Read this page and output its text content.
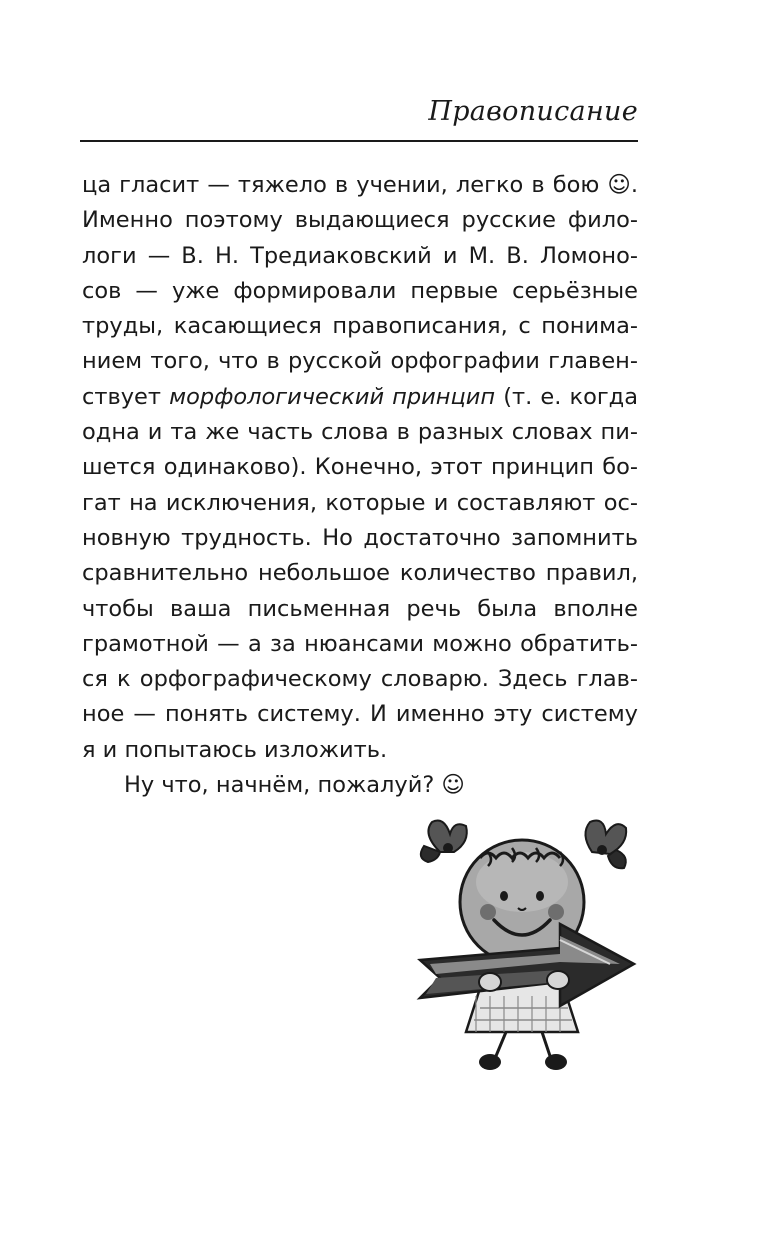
Правописание
ца гласит — тяжело в учении, легко в бою ☺.
Именно поэтому выдающиеся русские фило-
логи — В. Н. Тредиаковский и М. В. Ломоно-
сов — уже формировали первые серьёзные
труды, касающиеся правописания, с понима-
нием того, что в русской орфографии главен-
ствует морфологический принцип (т. е. когда
одна и та же часть слова в разных словах пи-
шется одинаково). Конечно, этот принцип бо-
гат на исключения, которые и составляют ос-
новную трудность. Но достаточно запомнить
сравнительно небольшое количество правил,
чтобы ваша письменная речь была вполне
грамотной — а за нюансами можно обратить-
ся к орфографическому словарю. Здесь глав-
ное — понять систему. И именно эту систему
я и попытаюсь изложить.
Ну что, начнём, пожалуй? ☺
